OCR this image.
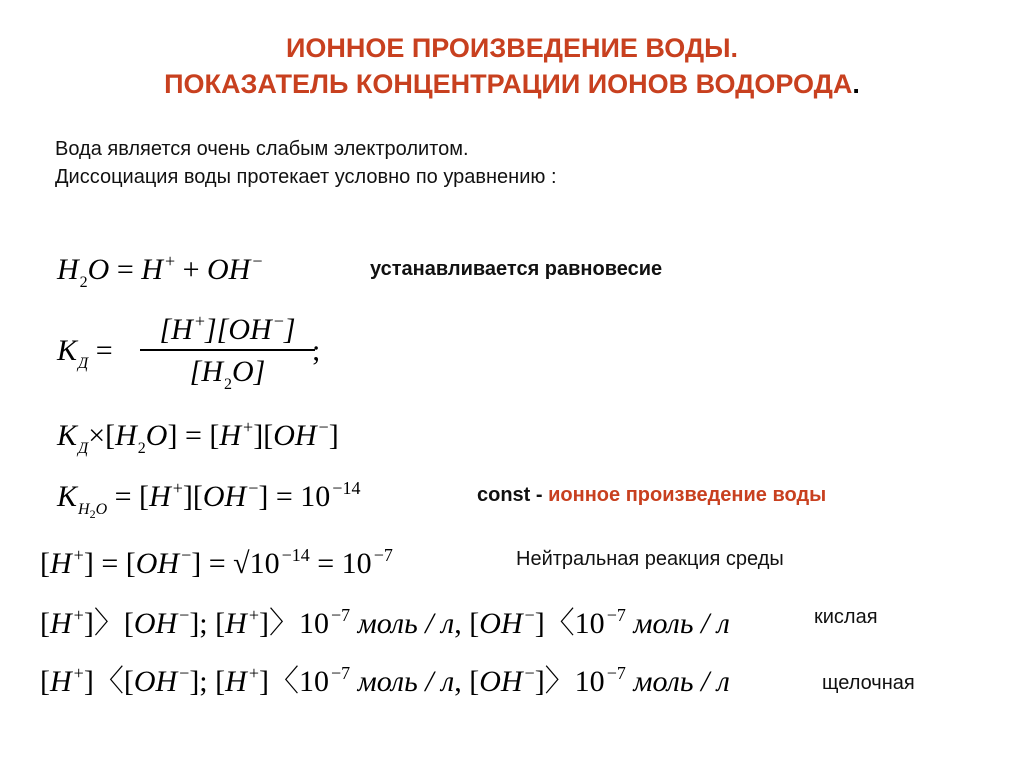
ИОННОЕ ПРОИЗВЕДЕНИЕ ВОДЫ.
ПОКАЗАТЕЛЬ КОНЦЕНТРАЦИИ ИОНОВ ВОДОРОДА.
Вода является очень слабым электролитом.
Диссоциация воды протекает условно по уравнению :
$H_2O = H$ + + OH −	устанавливается равновесие
$K_Д$ =
[H +][OH −]
$[H_2O]$
;
$K_Д\times[H_2O] = [H$ +][OH −]
$K_{H_2O} = [H$ +][OH −] = 10 $^{-14}$	const - ионное произведение воды
[H +] = [OH −] = √10 $^{-14}$ = 10 $^{-7}$	Нейтральная реакция среды
[H +]〉[OH −]; [H +]〉10 $^{-7}$ моль / л, [OH −]〈10 $^{-7}$ моль / л	кислая
[H +]〈[OH −]; [H +]〈10 $^{-7}$ моль / л, [OH −]〉10 $^{-7}$ моль / л	щелочная
